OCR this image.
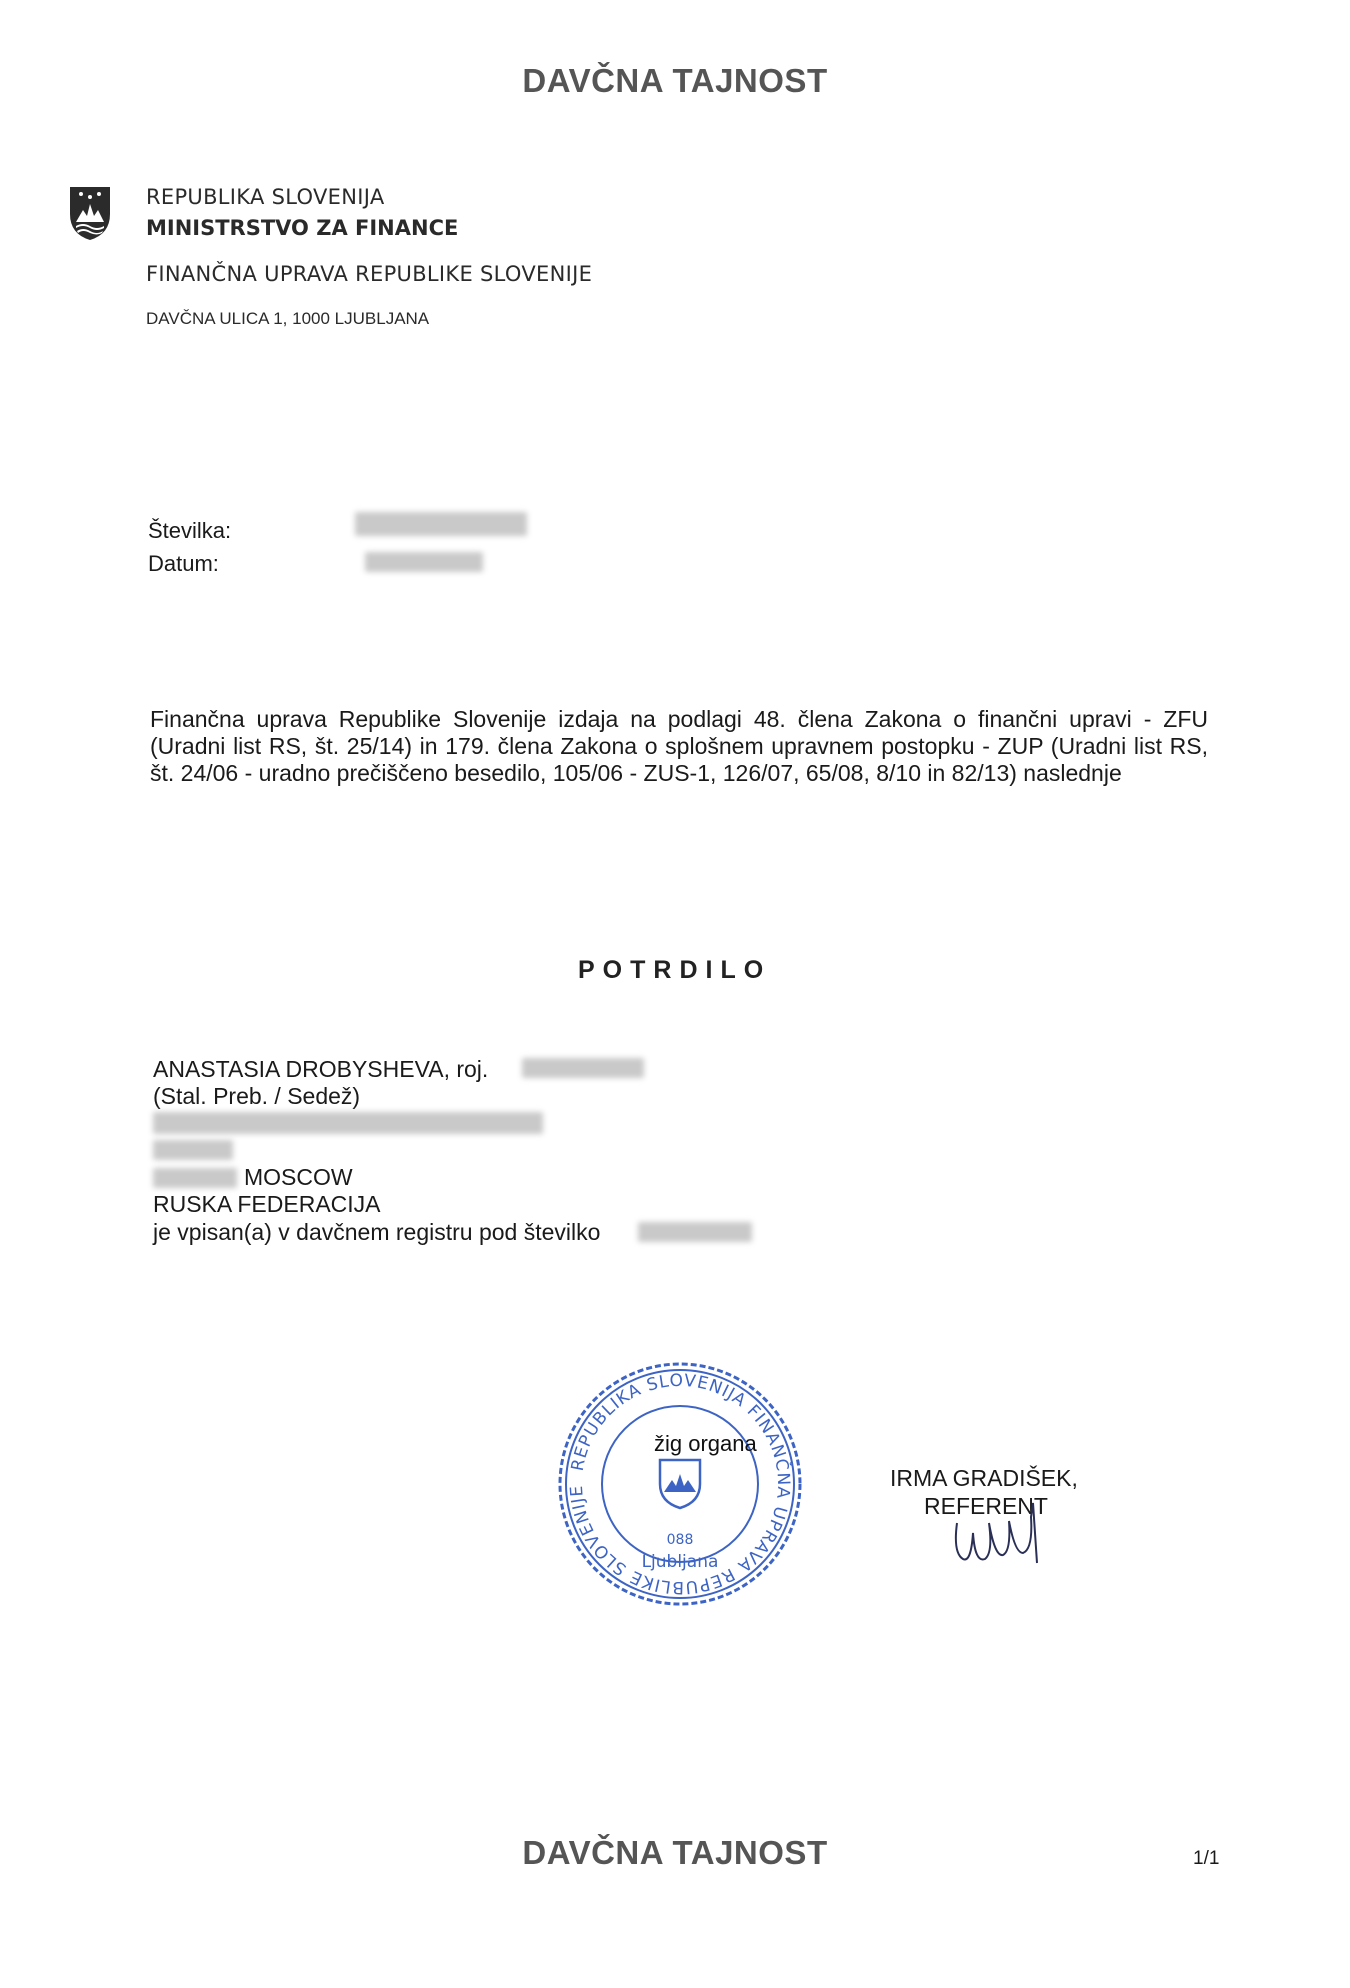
DAVČNA TAJNOST
REPUBLIKA SLOVENIJA
MINISTRSTVO ZA FINANCE
FINANČNA UPRAVA REPUBLIKE SLOVENIJE
DAVČNA ULICA 1, 1000 LJUBLJANA
Številka:
Datum:
Finančna uprava Republike Slovenije izdaja na podlagi 48. člena Zakona o finančni upravi - ZFU (Uradni list RS, št. 25/14) in 179. člena Zakona o splošnem upravnem postopku - ZUP (Uradni list RS, št. 24/06 - uradno prečiščeno besedilo, 105/06 - ZUS-1, 126/07, 65/08, 8/10 in 82/13) naslednje
POTRDILO
ANASTASIA DROBYSHEVA, roj.
(Stal. Preb. / Sedež)
MOSCOW
RUSKA FEDERACIJA
je vpisan(a) v davčnem registru pod številko
REPUBLIKA SLOVENIJA FINANČNA UPRAVA REPUBLIKE SLOVENIJE
088
Ljubljana
žig organa
IRMA GRADIŠEK,
REFERENT
DAVČNA TAJNOST	1/1
